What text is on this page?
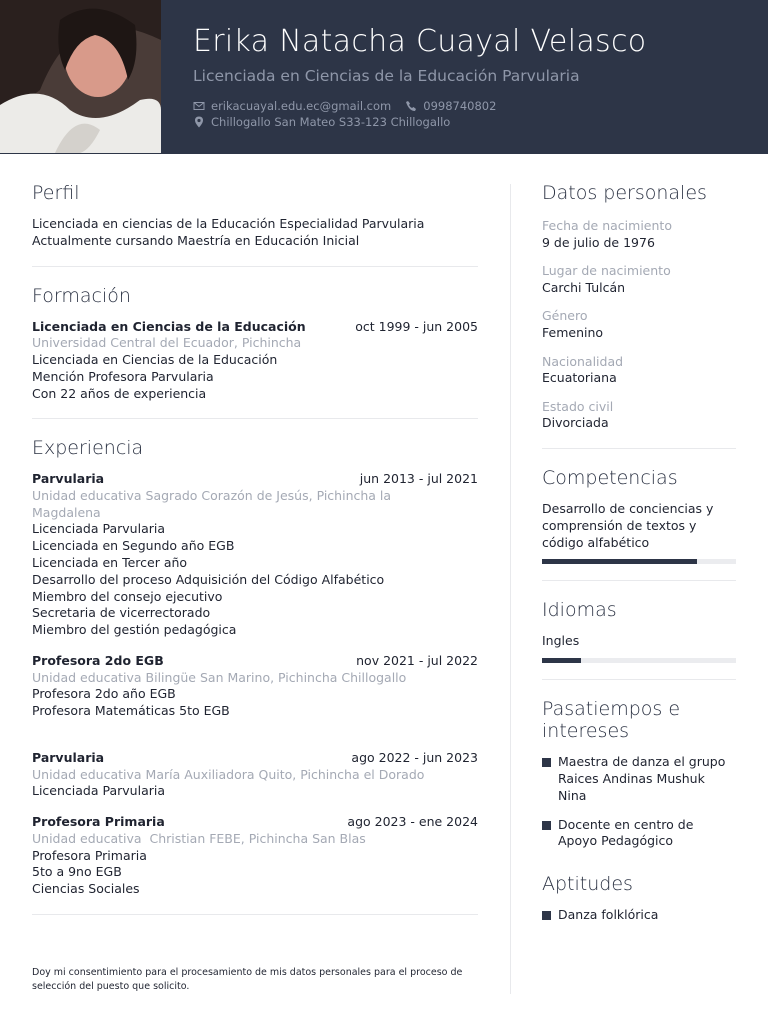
Erika Natacha Cuayal Velasco
Licenciada en Ciencias de la Educación Parvularia
erikacuayal.edu.ec@gmail.com	0998740802
Chillogallo San Mateo S33-123 Chillogallo
Perfil
Licenciada en ciencias de la Educación Especialidad Parvularia
Actualmente cursando Maestría en Educación Inicial
Formación
Licenciada en Ciencias de la Educación	oct 1999 - jun 2005
Universidad Central del Ecuador, Pichincha
Licenciada en Ciencias de la Educación
Mención Profesora Parvularia
Con 22 años de experiencia
Experiencia
Parvularia	jun 2013 - jul 2021
Unidad educativa Sagrado Corazón de Jesús, Pichincha la Magdalena
Licenciada Parvularia
Licenciada en Segundo año EGB
Licenciada en Tercer año
Desarrollo del proceso Adquisición del Código Alfabético
Miembro del consejo ejecutivo
Secretaria de vicerrectorado
Miembro del gestión pedagógica
Profesora 2do EGB	nov 2021 - jul 2022
Unidad educativa Bilingüe San Marino, Pichincha Chillogallo
Profesora 2do año EGB
Profesora Matemáticas 5to EGB
Parvularia	ago 2022 - jun 2023
Unidad educativa María Auxiliadora Quito, Pichincha el Dorado
Licenciada Parvularia
Profesora Primaria	ago 2023 - ene 2024
Unidad educativa  Christian FEBE, Pichincha San Blas
Profesora Primaria
5to a 9no EGB
Ciencias Sociales
Datos personales
Fecha de nacimiento
9 de julio de 1976
Lugar de nacimiento
Carchi Tulcán
Género
Femenino
Nacionalidad
Ecuatoriana
Estado civil
Divorciada
Competencias
Desarrollo de conciencias y comprensión de textos y código alfabético
Idiomas
Ingles
Pasatiempos e intereses
Maestra de danza el grupo Raices Andinas Mushuk Nina
Docente en centro de Apoyo Pedagógico
Aptitudes
Danza folklórica
Doy mi consentimiento para el procesamiento de mis datos personales para el proceso de selección del puesto que solicito.
